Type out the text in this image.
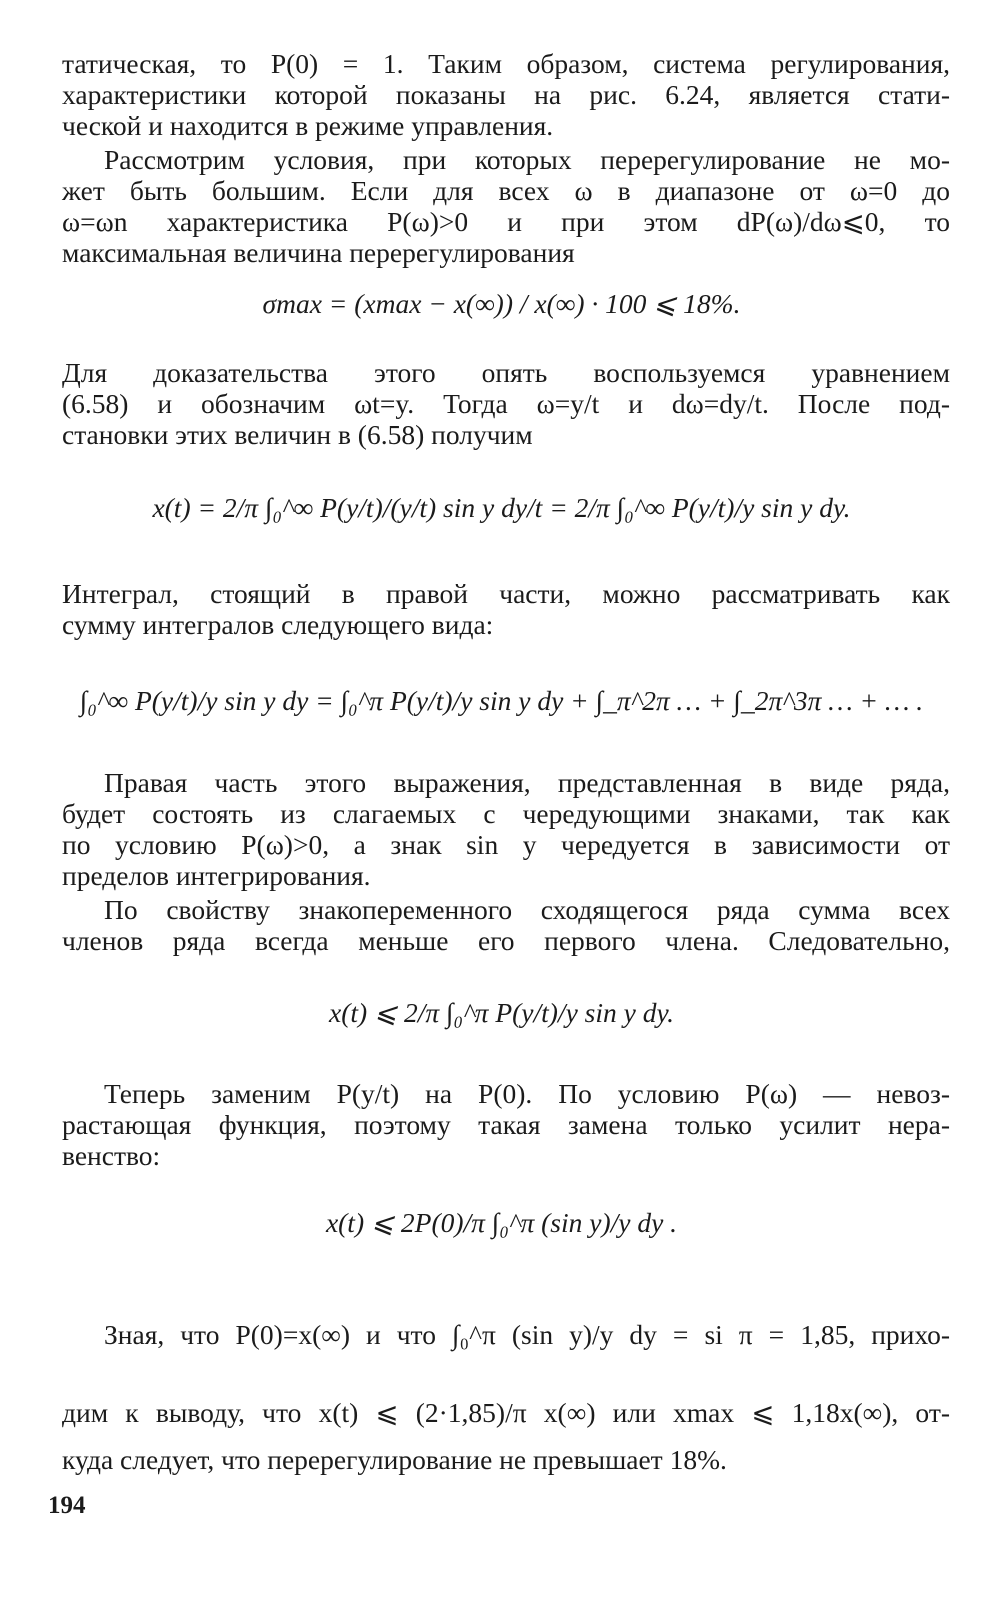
татическая, то P(0) = 1. Таким образом, система регулирования,
характеристики которой показаны на рис. 6.24, является стати-
ческой и находится в режиме управления.
Рассмотрим условия, при которых перерегулирование не мо-
жет быть большим. Если для всех ω в диапазоне от ω=0 до
ω=ωn характеристика P(ω)>0 и при этом dP(ω)/dω⩽0, то
максимальная величина перерегулирования
σmax = (xmax − x(∞)) / x(∞) · 100 ⩽ 18%.
Для доказательства этого опять воспользуемся уравнением
(6.58) и обозначим ωt=y. Тогда ω=y/t и dω=dy/t. После под-
становки этих величин в (6.58) получим
x(t) = 2/π ∫₀^∞ P(y/t)/(y/t) sin y dy/t = 2/π ∫₀^∞ P(y/t)/y sin y dy.
Интеграл, стоящий в правой части, можно рассматривать как
сумму интегралов следующего вида:
∫₀^∞ P(y/t)/y sin y dy = ∫₀^π P(y/t)/y sin y dy + ∫_π^2π … + ∫_2π^3π … + … .
Правая часть этого выражения, представленная в виде ряда,
будет состоять из слагаемых с чередующими знаками, так как
по условию P(ω)>0, а знак sin y чередуется в зависимости от
пределов интегрирования.
По свойству знакопеременного сходящегося ряда сумма всех
членов ряда всегда меньше его первого члена. Следовательно,
x(t) ⩽ 2/π ∫₀^π P(y/t)/y sin y dy.
Теперь заменим P(y/t) на P(0). По условию P(ω) — невоз-
растающая функция, поэтому такая замена только усилит нера-
венство:
x(t) ⩽ 2P(0)/π ∫₀^π (sin y)/y dy .
Зная, что P(0)=x(∞) и что ∫₀^π (sin y)/y dy = si π = 1,85, прихо-
дим к выводу, что x(t) ⩽ (2·1,85)/π x(∞) или xmax ⩽ 1,18x(∞), от-
куда следует, что перерегулирование не превышает 18%.
194
